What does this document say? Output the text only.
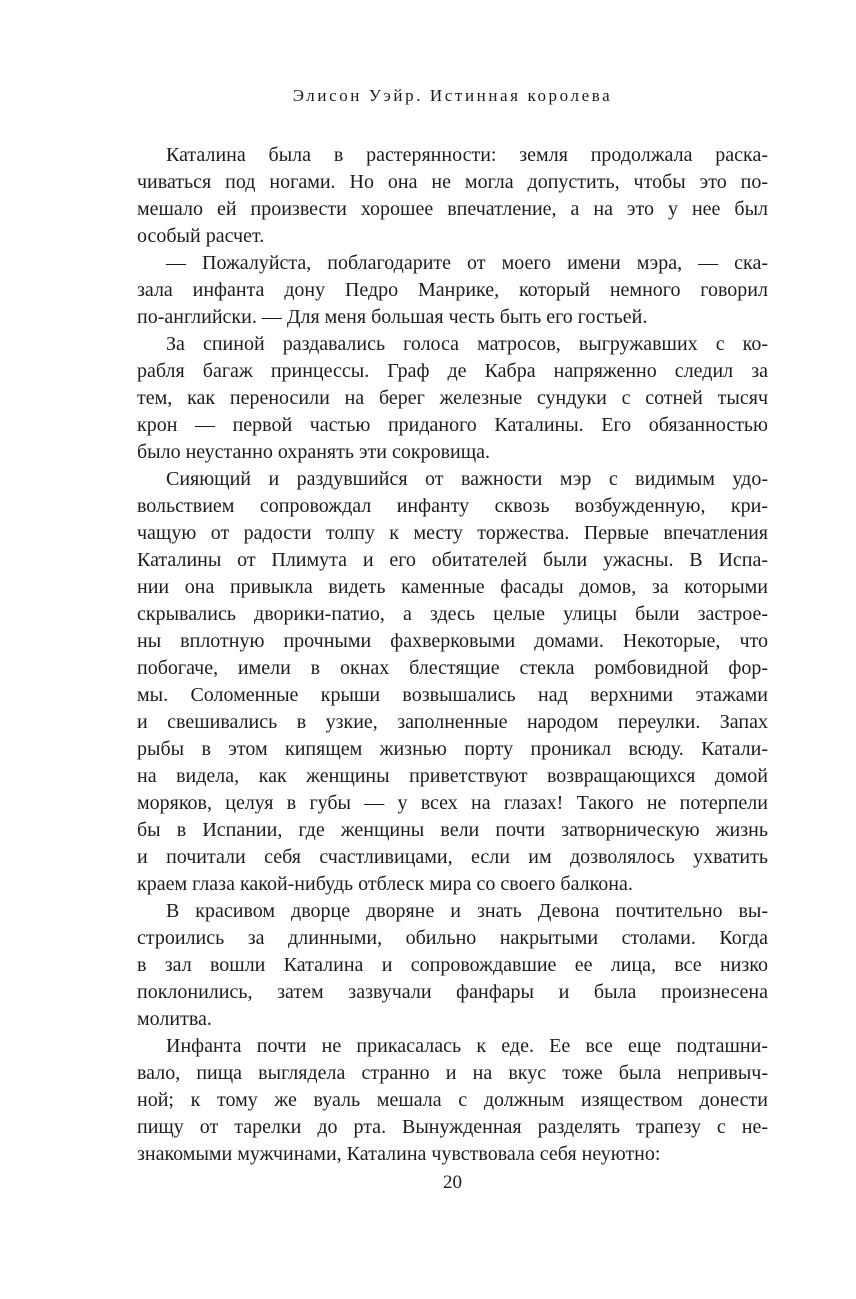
Элисон Уэйр. Истинная королева
Каталина была в растерянности: земля продолжала раска-
чиваться под ногами. Но она не могла допустить, чтобы это по-
мешало ей произвести хорошее впечатление, а на это у нее был
особый расчет.
— Пожалуйста, поблагодарите от моего имени мэра, — ска-
зала инфанта дону Педро Манрике, который немного говорил
по-английски. — Для меня большая честь быть его гостьей.
За спиной раздавались голоса матросов, выгружавших с ко-
рабля багаж принцессы. Граф де Кабра напряженно следил за
тем, как переносили на берег железные сундуки с сотней тысяч
крон — первой частью приданого Каталины. Его обязанностью
было неустанно охранять эти сокровища.
Сияющий и раздувшийся от важности мэр с видимым удо-
вольствием сопровождал инфанту сквозь возбужденную, кри-
чащую от радости толпу к месту торжества. Первые впечатления
Каталины от Плимута и его обитателей были ужасны. В Испа-
нии она привыкла видеть каменные фасады домов, за которыми
скрывались дворики-патио, а здесь целые улицы были застрое-
ны вплотную прочными фахверковыми домами. Некоторые, что
побогаче, имели в окнах блестящие стекла ромбовидной фор-
мы. Соломенные крыши возвышались над верхними этажами
и свешивались в узкие, заполненные народом переулки. Запах
рыбы в этом кипящем жизнью порту проникал всюду. Катали-
на видела, как женщины приветствуют возвращающихся домой
моряков, целуя в губы — у всех на глазах! Такого не потерпели
бы в Испании, где женщины вели почти затворническую жизнь
и почитали себя счастливицами, если им дозволялось ухватить
краем глаза какой-нибудь отблеск мира со своего балкона.
В красивом дворце дворяне и знать Девона почтительно вы-
строились за длинными, обильно накрытыми столами. Когда
в зал вошли Каталина и сопровождавшие ее лица, все низко
поклонились, затем зазвучали фанфары и была произнесена
молитва.
Инфанта почти не прикасалась к еде. Ее все еще подташни-
вало, пища выглядела странно и на вкус тоже была непривыч-
ной; к тому же вуаль мешала с должным изяществом донести
пищу от тарелки до рта. Вынужденная разделять трапезу с не-
знакомыми мужчинами, Каталина чувствовала себя неуютно:
20
